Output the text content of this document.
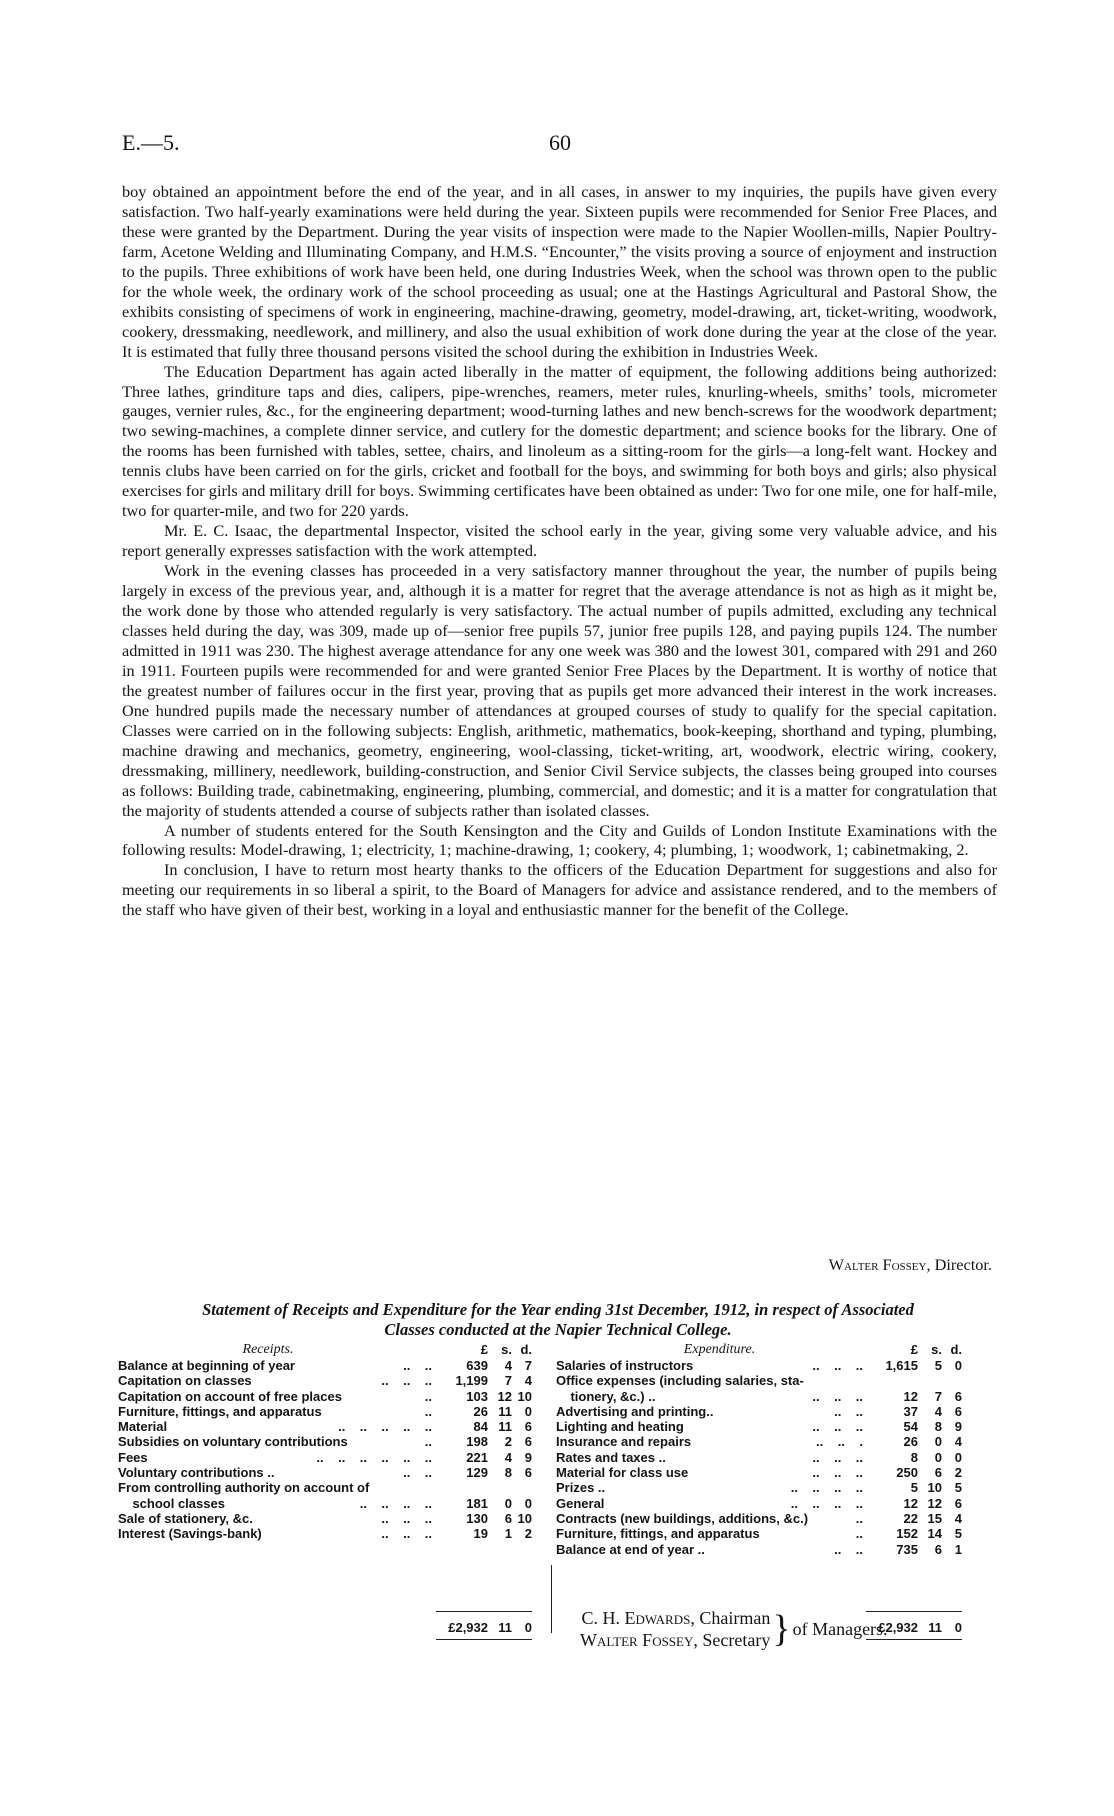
E.—5.	60

boy obtained an appointment before the end of the year, and in all cases, in answer to my inquiries, the pupils have given every satisfaction. Two half-yearly examinations were held during the year. Sixteen pupils were recommended for Senior Free Places, and these were granted by the Department. During the year visits of inspection were made to the Napier Woollen-mills, Napier Poultry-farm, Acetone Welding and Illuminating Company, and H.M.S. “Encounter,” the visits proving a source of enjoyment and instruction to the pupils. Three exhibitions of work have been held, one during Industries Week, when the school was thrown open to the public for the whole week, the ordinary work of the school proceeding as usual; one at the Hastings Agricultural and Pastoral Show, the exhibits consisting of specimens of work in engineering, machine-drawing, geometry, model-drawing, art, ticket-writing, woodwork, cookery, dressmaking, needlework, and millinery, and also the usual exhibition of work done during the year at the close of the year. It is estimated that fully three thousand persons visited the school during the exhibition in Industries Week.

The Education Department has again acted liberally in the matter of equipment, the following additions being authorized: Three lathes, grinditure taps and dies, calipers, pipe-wrenches, reamers, meter rules, knurling-wheels, smiths’ tools, micrometer gauges, vernier rules, &c., for the engineering department; wood-turning lathes and new bench-screws for the woodwork department; two sewing-machines, a complete dinner service, and cutlery for the domestic department; and science books for the library. One of the rooms has been furnished with tables, settee, chairs, and linoleum as a sitting-room for the girls—a long-felt want. Hockey and tennis clubs have been carried on for the girls, cricket and football for the boys, and swimming for both boys and girls; also physical exercises for girls and military drill for boys. Swimming certificates have been obtained as under: Two for one mile, one for half-mile, two for quarter-mile, and two for 220 yards.

Mr. E. C. Isaac, the departmental Inspector, visited the school early in the year, giving some very valuable advice, and his report generally expresses satisfaction with the work attempted.

Work in the evening classes has proceeded in a very satisfactory manner throughout the year, the number of pupils being largely in excess of the previous year, and, although it is a matter for regret that the average attendance is not as high as it might be, the work done by those who attended regularly is very satisfactory. The actual number of pupils admitted, excluding any technical classes held during the day, was 309, made up of—senior free pupils 57, junior free pupils 128, and paying pupils 124. The number admitted in 1911 was 230. The highest average attendance for any one week was 380 and the lowest 301, compared with 291 and 260 in 1911. Fourteen pupils were recommended for and were granted Senior Free Places by the Department. It is worthy of notice that the greatest number of failures occur in the first year, proving that as pupils get more advanced their interest in the work increases. One hundred pupils made the necessary number of attendances at grouped courses of study to qualify for the special capitation. Classes were carried on in the following subjects: English, arithmetic, mathematics, book-keeping, shorthand and typing, plumbing, machine drawing and mechanics, geometry, engineering, wool-classing, ticket-writing, art, woodwork, electric wiring, cookery, dressmaking, millinery, needlework, building-construction, and Senior Civil Service subjects, the classes being grouped into courses as follows: Building trade, cabinetmaking, engineering, plumbing, commercial, and domestic; and it is a matter for congratulation that the majority of students attended a course of subjects rather than isolated classes.

A number of students entered for the South Kensington and the City and Guilds of London Institute Examinations with the following results: Model-drawing, 1; electricity, 1; machine-drawing, 1; cookery, 4; plumbing, 1; woodwork, 1; cabinetmaking, 2.

In conclusion, I have to return most hearty thanks to the officers of the Education Department for suggestions and also for meeting our requirements in so liberal a spirit, to the Board of Managers for advice and assistance rendered, and to the members of the staff who have given of their best, working in a loyal and enthusiastic manner for the benefit of the College.

Walter Fossey, Director.
Statement of Receipts and Expenditure for the Year ending 31st December, 1912, in respect of Associated
Classes conducted at the Napier Technical College.
Receipts.	£	s. d.
Balance at beginning of year	..    ..	639	4 7
Capitation on classes	..    ..    ..	1,199	7 4
Capitation on account of free places	..	103 12 10
Furniture, fittings, and apparatus	..	26 11 0
Material	..    ..    ..    ..    ..	84 11 6
Subsidies on voluntary contributions	..	198	2 6
Fees	..    ..    ..    ..    ..    ..	221	4 9
Voluntary contributions ..	..    ..	129	8 6
From controlling authority on account of
school classes	..    ..    ..    ..	181	0 0
Sale of stationery, &c.	..    ..    ..	130	6 10
Interest (Savings-bank)	..    ..    ..	19	1 2
£2,932 11 0
Expenditure.	£	s. d.
Salaries of instructors	..    ..    ..	1,615	5 0
Office expenses (including salaries, sta-
tionery, &c.) ..	..    ..    ..	12	7 6
Advertising and printing..	..    ..	37	4 6
Lighting and heating	..    ..    ..	54	8 9
Insurance and repairs	..    ..    .	26	0 4
Rates and taxes ..	..    ..    ..	8	0 0
Material for class use	..    ..    ..	250	6 2
Prizes ..	..    ..    ..    ..	5 10 5
General	..    ..    ..    ..	12 12 6
Contracts (new buildings, additions, &c.)	..	22 15 4
Furniture, fittings, and apparatus	..	152 14 5
Balance at end of year ..	..    ..	735	6 1
£2,932 11 0
C. H. Edwards, Chairman
Walter Fossey, Secretary } of Managers.
